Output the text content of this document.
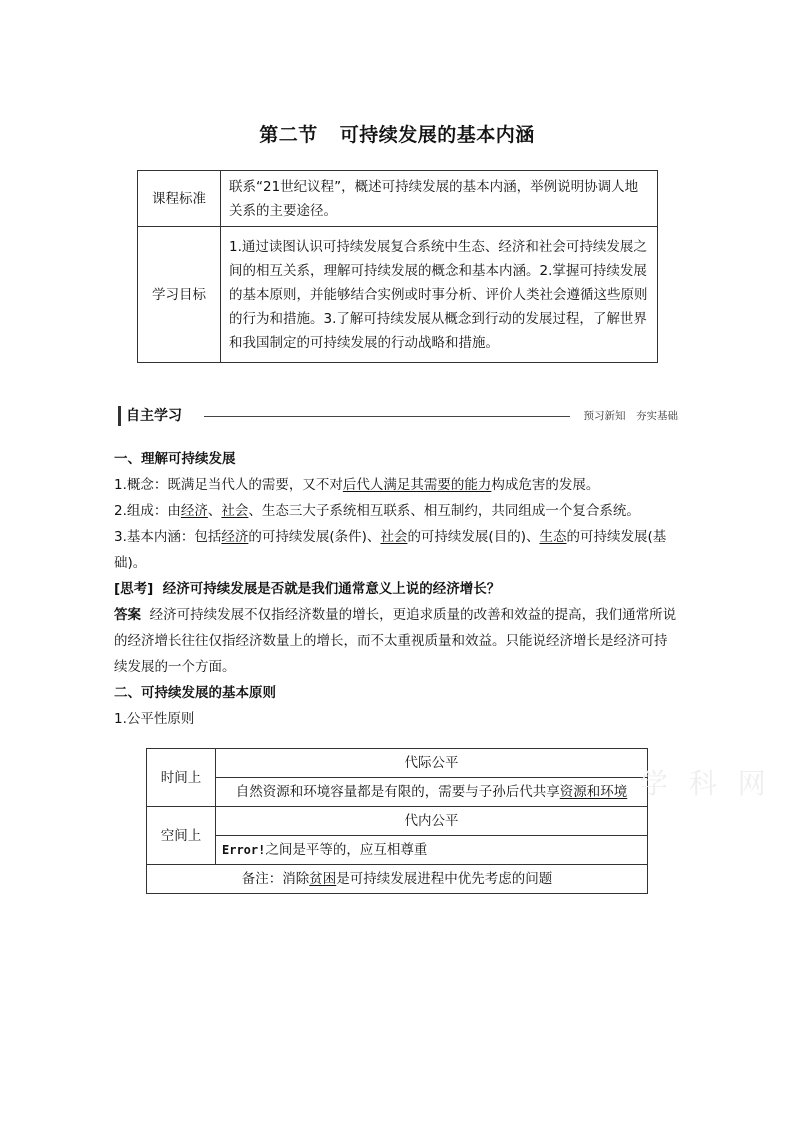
第二节 可持续发展的基本内涵
课程标准	联系“21世纪议程”，概述可持续发展的基本内涵，举例说明协调人地关系的主要途径。
学习目标	1.通过读图认识可持续发展复合系统中生态、经济和社会可持续发展之间的相互关系，理解可持续发展的概念和基本内涵。2.掌握可持续发展的基本原则，并能够结合实例或时事分析、评价人类社会遵循这些原则的行为和措施。3.了解可持续发展从概念到行动的发展过程，了解世界和我国制定的可持续发展的行动战略和措施。
自主学习	预习新知　夯实基础

一、理解可持续发展

1.概念：既满足当代人的需要，又不对后代人满足其需要的能力构成危害的发展。

2.组成：由经济、社会、生态三大子系统相互联系、相互制约，共同组成一个复合系统。

3.基本内涵：包括经济的可持续发展(条件)、社会的可持续发展(目的)、生态的可持续发展(基础)。

[思考] 经济可持续发展是否就是我们通常意义上说的经济增长？

答案 经济可持续发展不仅指经济数量的增长，更追求质量的改善和效益的提高，我们通常所说的经济增长往往仅指经济数量上的增长，而不太重视质量和效益。只能说经济增长是经济可持续发展的一个方面。

二、可持续发展的基本原则

1.公平性原则

时间上	代际公平
	自然资源和环境容量都是有限的，需要与子孙后代共享资源和环境
空间上	代内公平
	Error!之间是平等的，应互相尊重
备注：消除贫困是可持续发展进程中优先考虑的问题	
学 科 网
